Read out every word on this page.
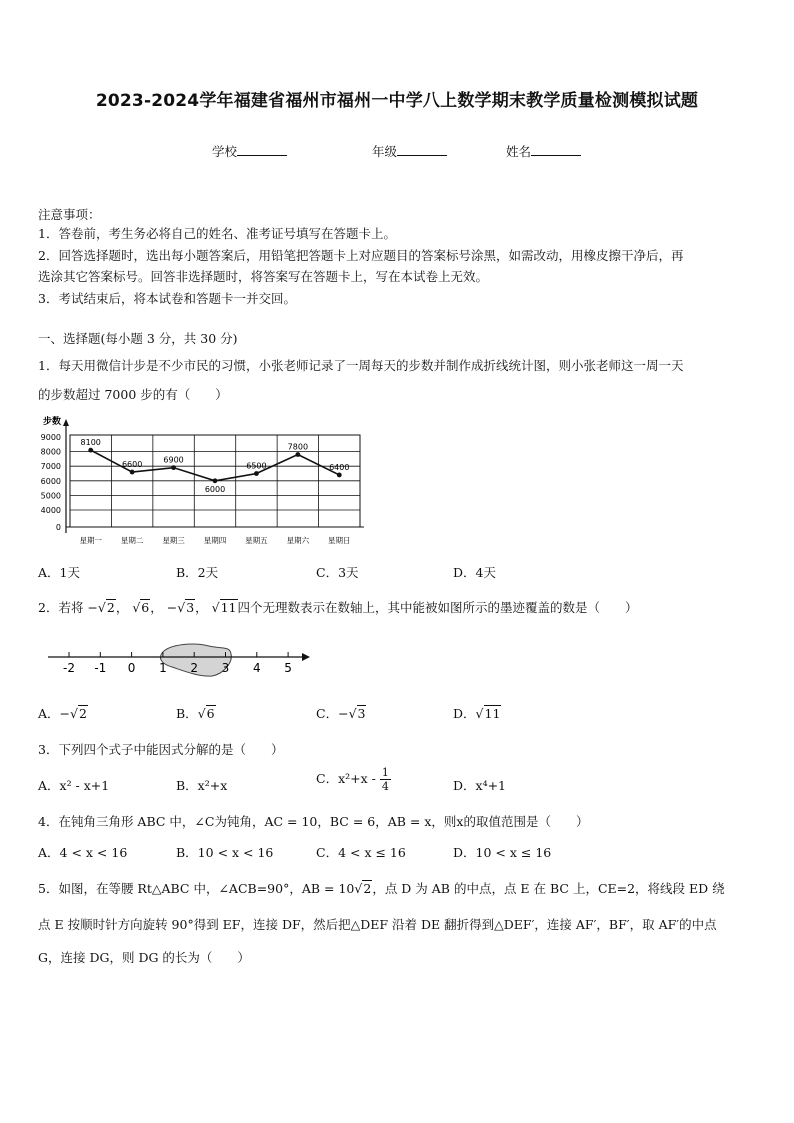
2023-2024学年福建省福州市福州一中学八上数学期末教学质量检测模拟试题
学校	年级	姓名
注意事项：
1．答卷前，考生务必将自己的姓名、准考证号填写在答题卡上。
2．回答选择题时，选出每小题答案后，用铅笔把答题卡上对应题目的答案标号涂黑，如需改动，用橡皮擦干净后，再
选涂其它答案标号。回答非选择题时，将答案写在答题卡上，写在本试卷上无效。
3．考试结束后，将本试卷和答题卡一并交回。
一、选择题(每小题 3 分，共 30 分)
1．每天用微信计步是不少市民的习惯，小张老师记录了一周每天的步数并制作成折线统计图，则小张老师这一周一天
的步数超过 7000 步的有（　　）
步数
9000
8000
7000
6000
5000
4000
0
8100
星期一
6600
星期二
6900
星期三
6000
星期四
6500
星期五
7800
星期六
6400
星期日
A．1天	B．2天	C．3天	D．4天
2．若将 −√2， √6， −√3， √11四个无理数表示在数轴上，其中能被如图所示的墨迹覆盖的数是（　　）
-2 -1 0 1 2 3 4 5
A．−√2	B．√6	C．−√3	D．√11
3．下列四个式子中能因式分解的是（　　）
A．x² - x+1	B．x²+x	C．$x^2+x - \frac{1}{4}$	D．x⁴+1
4．在钝角三角形 ABC 中，∠C为钝角，AC = 10，BC = 6，AB = x，则x的取值范围是（　　）
A．4 < x < 16	B．10 < x < 16	C．4 < x ≤ 16	D．10 < x ≤ 16
5．如图，在等腰 Rt△ABC 中，∠ACB=90°，AB = 10√2，点 D 为 AB 的中点，点 E 在 BC 上，CE=2，将线段 ED 绕
点 E 按顺时针方向旋转 90°得到 EF，连接 DF，然后把△DEF 沿着 DE 翻折得到△DEF′，连接 AF′，BF′，取 AF′的中点
G，连接 DG，则 DG 的长为（　　）
